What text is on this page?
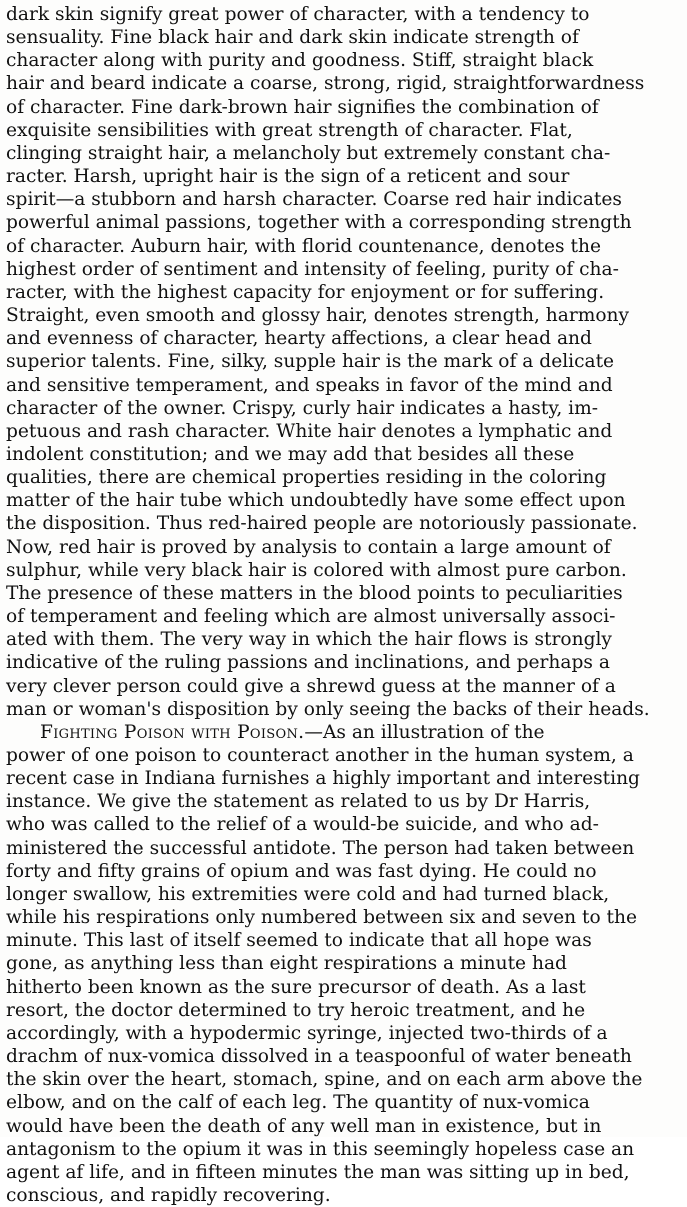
dark skin signify great power of character, with a tendency to
sensuality. Fine black hair and dark skin indicate strength of
character along with purity and goodness. Stiff, straight black
hair and beard indicate a coarse, strong, rigid, straightforwardness
of character. Fine dark-brown hair signifies the combination of
exquisite sensibilities with great strength of character. Flat,
clinging straight hair, a melancholy but extremely constant cha-
racter. Harsh, upright hair is the sign of a reticent and sour
spirit—a stubborn and harsh character. Coarse red hair indicates
powerful animal passions, together with a corresponding strength
of character. Auburn hair, with florid countenance, denotes the
highest order of sentiment and intensity of feeling, purity of cha-
racter, with the highest capacity for enjoyment or for suffering.
Straight, even smooth and glossy hair, denotes strength, harmony
and evenness of character, hearty affections, a clear head and
superior talents. Fine, silky, supple hair is the mark of a delicate
and sensitive temperament, and speaks in favor of the mind and
character of the owner. Crispy, curly hair indicates a hasty, im-
petuous and rash character. White hair denotes a lymphatic and
indolent constitution; and we may add that besides all these
qualities, there are chemical properties residing in the coloring
matter of the hair tube which undoubtedly have some effect upon
the disposition. Thus red-haired people are notoriously passionate.
Now, red hair is proved by analysis to contain a large amount of
sulphur, while very black hair is colored with almost pure carbon.
The presence of these matters in the blood points to peculiarities
of temperament and feeling which are almost universally associ-
ated with them. The very way in which the hair flows is strongly
indicative of the ruling passions and inclinations, and perhaps a
very clever person could give a shrewd guess at the manner of a
man or woman's disposition by only seeing the backs of their heads.
Fighting Poison with Poison.—As an illustration of the
power of one poison to counteract another in the human system, a
recent case in Indiana furnishes a highly important and interesting
instance. We give the statement as related to us by Dr Harris,
who was called to the relief of a would-be suicide, and who ad-
ministered the successful antidote. The person had taken between
forty and fifty grains of opium and was fast dying. He could no
longer swallow, his extremities were cold and had turned black,
while his respirations only numbered between six and seven to the
minute. This last of itself seemed to indicate that all hope was
gone, as anything less than eight respirations a minute had
hitherto been known as the sure precursor of death. As a last
resort, the doctor determined to try heroic treatment, and he
accordingly, with a hypodermic syringe, injected two-thirds of a
drachm of nux-vomica dissolved in a teaspoonful of water beneath
the skin over the heart, stomach, spine, and on each arm above the
elbow, and on the calf of each leg. The quantity of nux-vomica
would have been the death of any well man in existence, but in
antagonism to the opium it was in this seemingly hopeless case an
agent af life, and in fifteen minutes the man was sitting up in bed,
conscious, and rapidly recovering.
